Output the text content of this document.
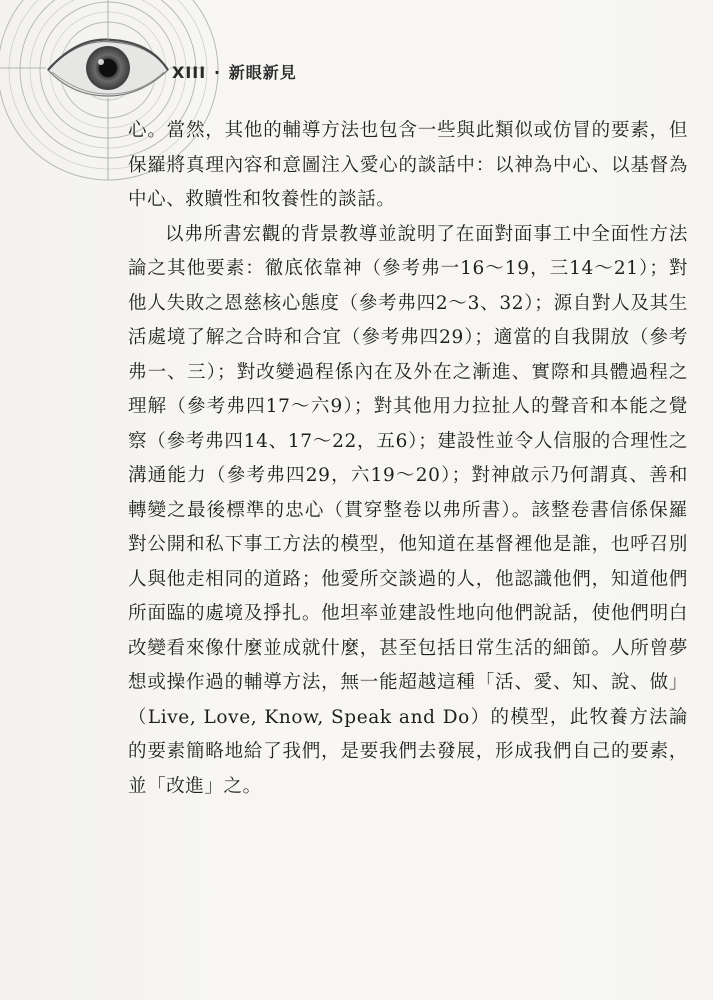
XIII ‧ 新眼新見

心。當然，其他的輔導方法也包含一些與此類似或仿冒的要素，但保羅將真理內容和意圖注入愛心的談話中：以神為中心、以基督為中心、救贖性和牧養性的談話。

以弗所書宏觀的背景教導並說明了在面對面事工中全面性方法論之其他要素：徹底依靠神（參考弗一16～19，三14～21）；對他人失敗之恩慈核心態度（參考弗四2～3、32）；源自對人及其生活處境了解之合時和合宜（參考弗四29）；適當的自我開放（參考弗一、三）；對改變過程係內在及外在之漸進、實際和具體過程之理解（參考弗四17～六9）；對其他用力拉扯人的聲音和本能之覺察（參考弗四14、17～22，五6）；建設性並令人信服的合理性之溝通能力（參考弗四29，六19～20）；對神啟示乃何謂真、善和轉變之最後標準的忠心（貫穿整卷以弗所書）。該整卷書信係保羅對公開和私下事工方法的模型，他知道在基督裡他是誰，也呼召別人與他走相同的道路；他愛所交談過的人，他認識他們，知道他們所面臨的處境及掙扎。他坦率並建設性地向他們說話，使他們明白改變看來像什麼並成就什麼，甚至包括日常生活的細節。人所曾夢想或操作過的輔導方法，無一能超越這種「活、愛、知、說、做」（Live, Love, Know, Speak and Do）的模型，此牧養方法論的要素簡略地給了我們，是要我們去發展，形成我們自己的要素，並「改進」之。
